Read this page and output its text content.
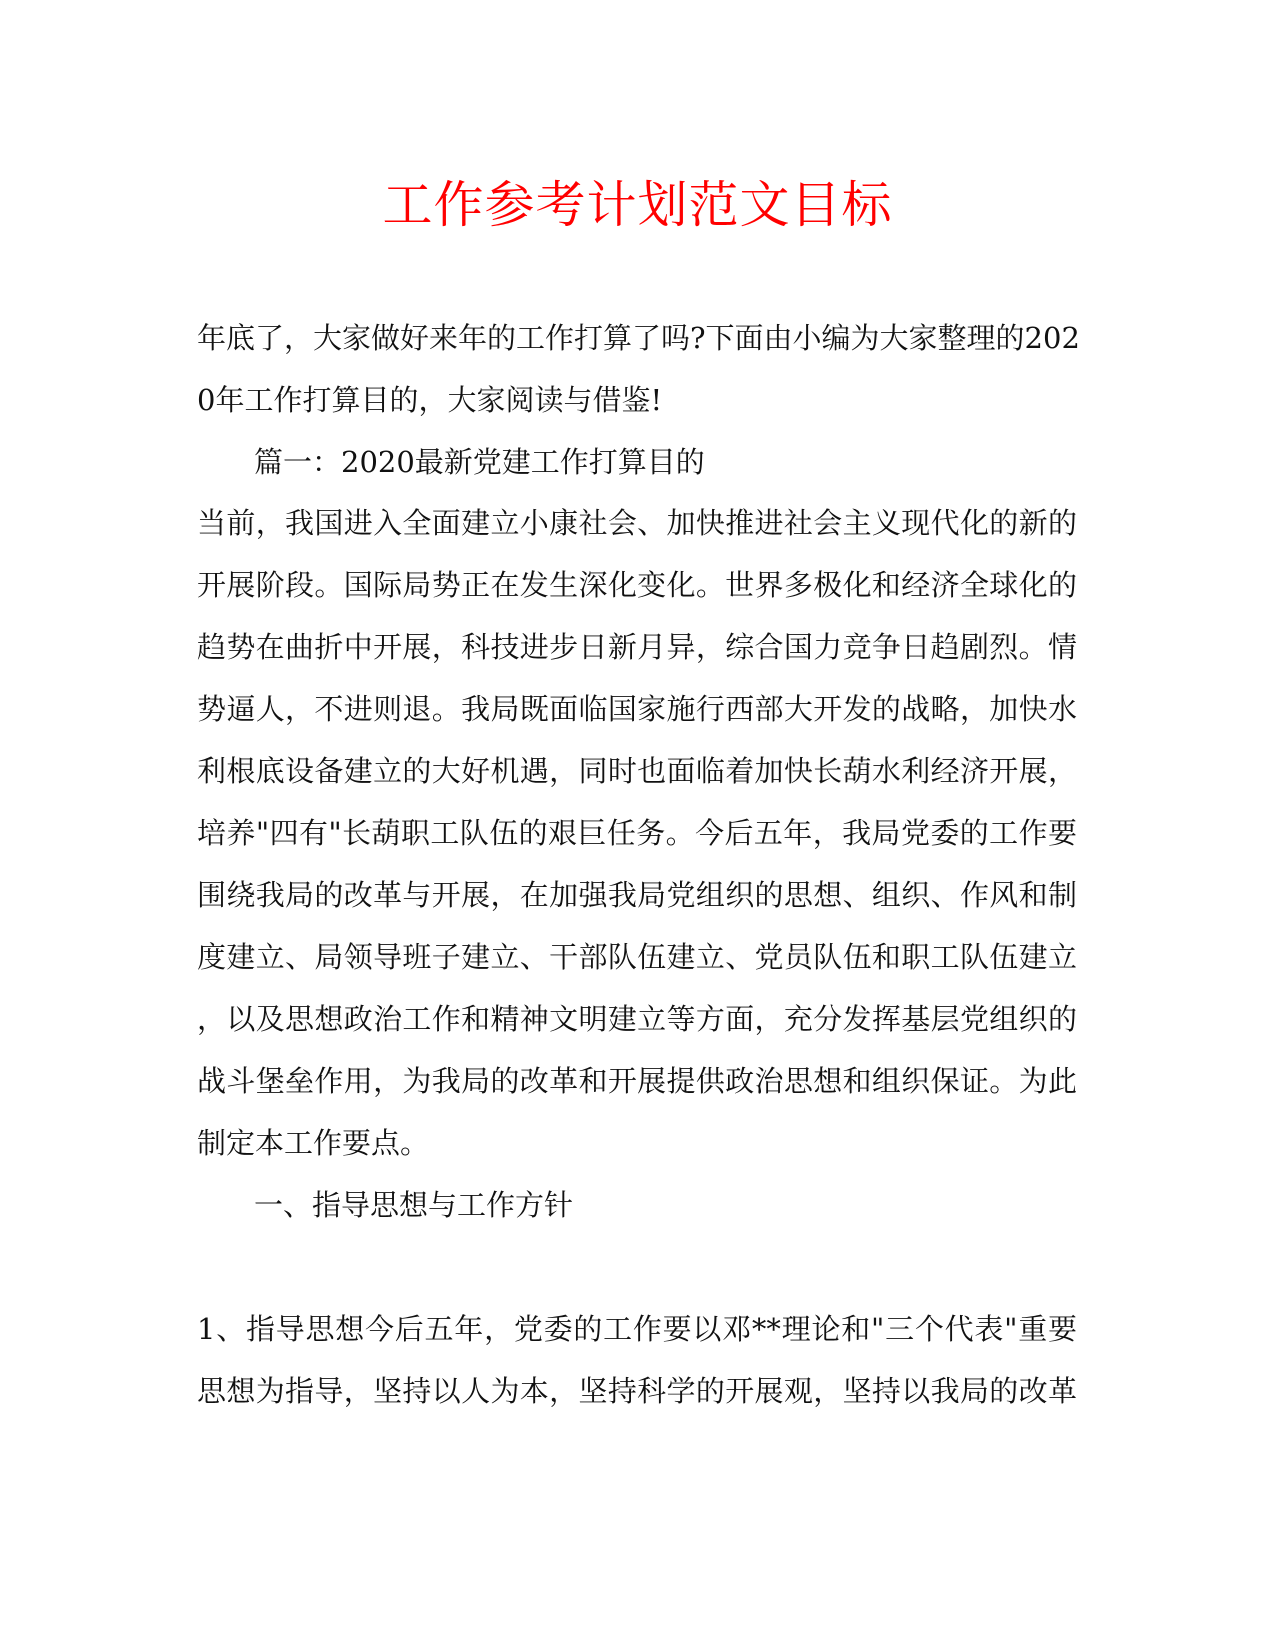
工作参考计划范文目标
年底了，大家做好来年的工作打算了吗?下面由小编为大家整理的202
0年工作打算目的，大家阅读与借鉴!
篇一：2020最新党建工作打算目的
当前，我国进入全面建立小康社会、加快推进社会主义现代化的新的
开展阶段。国际局势正在发生深化变化。世界多极化和经济全球化的
趋势在曲折中开展，科技进步日新月异，综合国力竞争日趋剧烈。情
势逼人，不进则退。我局既面临国家施行西部大开发的战略，加快水
利根底设备建立的大好机遇，同时也面临着加快长葫水利经济开展，
培养"四有"长葫职工队伍的艰巨任务。今后五年，我局党委的工作要
围绕我局的改革与开展，在加强我局党组织的思想、组织、作风和制
度建立、局领导班子建立、干部队伍建立、党员队伍和职工队伍建立
，以及思想政治工作和精神文明建立等方面，充分发挥基层党组织的
战斗堡垒作用，为我局的改革和开展提供政治思想和组织保证。为此
制定本工作要点。
一、指导思想与工作方针
1、指导思想今后五年，党委的工作要以邓**理论和"三个代表"重要
思想为指导，坚持以人为本，坚持科学的开展观，坚持以我局的改革
